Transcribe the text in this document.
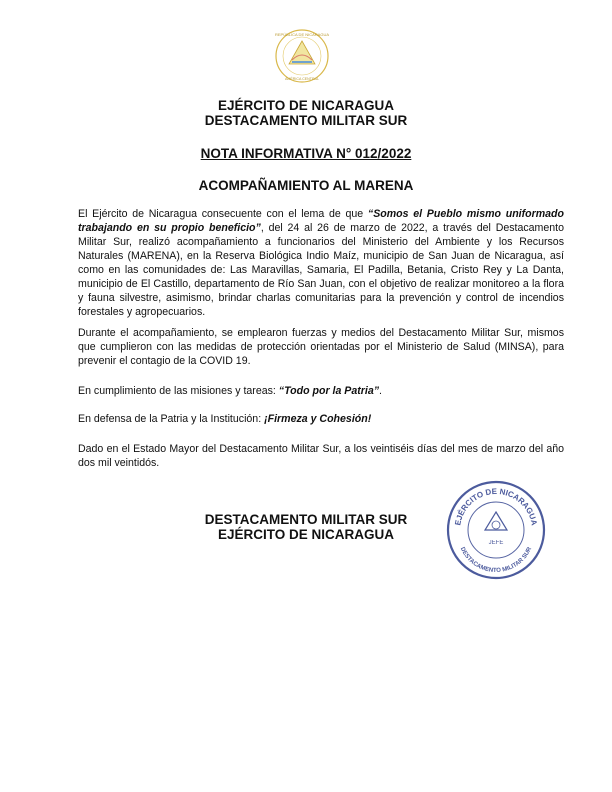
REPÚBLICA DE NICARAGUA
AMÉRICA CENTRAL
EJÉRCITO DE NICARAGUA
DESTACAMENTO MILITAR SUR
NOTA INFORMATIVA N° 012/2022
ACOMPAÑAMIENTO AL MARENA

El Ejército de Nicaragua consecuente con el lema de que “Somos el Pueblo mismo uniformado trabajando en su propio beneficio”, del 24 al 26 de marzo de 2022, a través del Destacamento Militar Sur, realizó acompañamiento a funcionarios del Ministerio del Ambiente y los Recursos Naturales (MARENA), en la Reserva Biológica Indio Maíz, municipio de San Juan de Nicaragua, así como en las comunidades de: Las Maravillas, Samaria, El Padilla, Betania, Cristo Rey y La Danta, municipio de El Castillo, departamento de Río San Juan, con el objetivo de realizar monitoreo a la flora y fauna silvestre, asimismo, brindar charlas comunitarias para la prevención y control de incendios forestales y agropecuarios.

Durante el acompañamiento, se emplearon fuerzas y medios del Destacamento Militar Sur, mismos que cumplieron con las medidas de protección orientadas por el Ministerio de Salud (MINSA), para prevenir el contagio de la COVID 19.

En cumplimiento de las misiones y tareas: “Todo por la Patria”.

En defensa de la Patria y la Institución: ¡Firmeza y Cohesión!

Dado en el Estado Mayor del Destacamento Militar Sur, a los veintiséis días del mes de marzo del año dos mil veintidós.

DESTACAMENTO MILITAR SUR
EJÉRCITO DE NICARAGUA
EJÉRCITO DE NICARAGUA
DESTACAMENTO MILITAR SUR
JEFE
